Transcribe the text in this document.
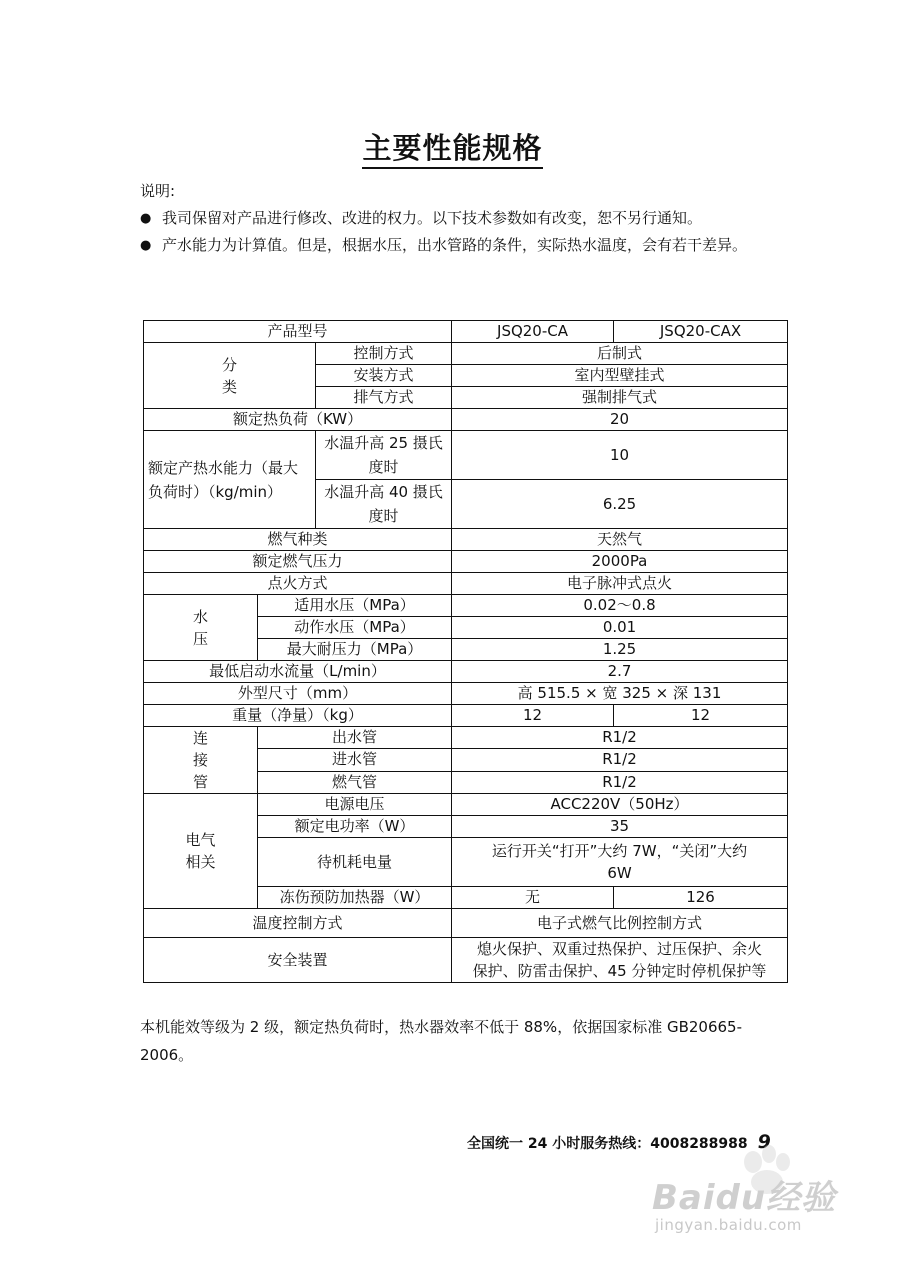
主要性能规格
说明:
● 我司保留对产品进行修改、改进的权力。以下技术参数如有改变，恕不另行通知。
● 产水能力为计算值。但是，根据水压，出水管路的条件，实际热水温度，会有若干差异。
产品型号			JSQ20-CA	JSQ20-CAX

分
类		控制方式	后制式	
		安装方式	室内型壁挂式	
		排气方式	强制排气式	
额定热负荷（KW）			20	
额定产热水能力（最大负荷时）（kg/min）		水温升高 25 摄氏度时	10	
		水温升高 40 摄氏度时	6.25	
燃气种类			天然气	
额定燃气压力			2000Pa	
点火方式			电子脉冲式点火	

水
压	适用水压（MPa）		0.02～0.8	
	动作水压（MPa）		0.01	
	最大耐压力（MPa）		1.25	
最低启动水流量（L/min）			2.7	
外型尺寸（mm）			高 515.5 × 宽 325 × 深 131	
重量（净量）（kg）			12	12

连
接
管	出水管		R1/2	
	进水管		R1/2	
	燃气管		R1/2	

电气
相关	电源电压		ACC220V（50Hz）	
	额定电功率（W）		35	
	待机耗电量		运行开关“打开”大约 7W，“关闭”大约
6W	

	冻伤预防加热器（W）		无	126
温度控制方式			电子式燃气比例控制方式	
安全装置			熄火保护、双重过热保护、过压保护、余火
保护、防雷击保护、45 分钟定时停机保护等	
本机能效等级为 2 级，额定热负荷时，热水器效率不低于 88%，依据国家标准 GB20665-2006。
全国统一 24 小时服务热线：4008288988 9
Baidu经验
jingyan.baidu.com
